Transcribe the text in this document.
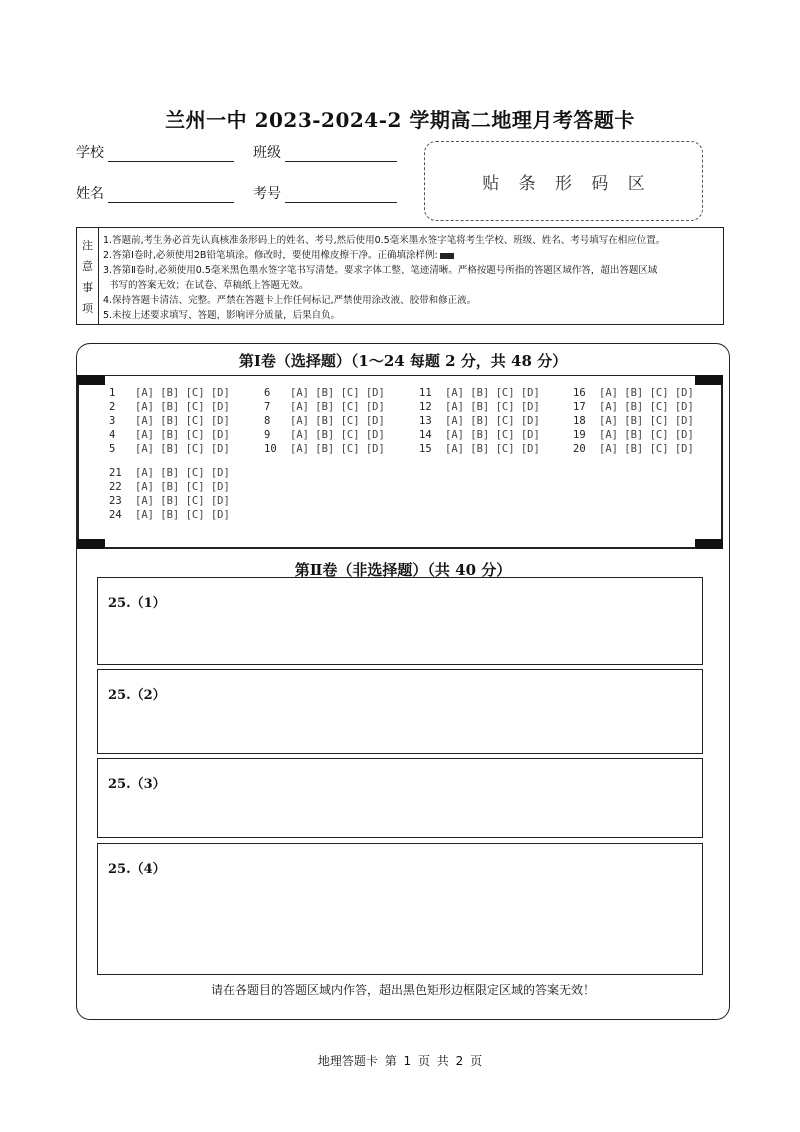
兰州一中 2023-2024-2 学期高二地理月考答题卡
学校	班级
姓名	考号
贴 条 形 码 区
注
意
事
项
1.答题前,考生务必首先认真核准条形码上的姓名、考号,然后使用0.5毫米墨水签字笔将考生学校、班级、姓名、考号填写在相应位置。
2.答第Ⅰ卷时,必须使用2B铅笔填涂。修改时，要使用橡皮擦干净。正确填涂样例:
3.答第Ⅱ卷时,必须使用0.5毫米黑色墨水签字笔书写清楚。要求字体工整、笔迹清晰。严格按题号所指的答题区域作答，超出答题区域
书写的答案无效；在试卷、草稿纸上答题无效。
4.保持答题卡清洁、完整。严禁在答题卡上作任何标记,严禁使用涂改液、胶带和修正液。
5.未按上述要求填写、答题，影响评分质量，后果自负。
第Ⅰ卷（选择题）（1～24 每题 2 分，共 48 分）
1 [A] [B] [C] [D]
2 [A] [B] [C] [D]
3 [A] [B] [C] [D]
4 [A] [B] [C] [D]
5 [A] [B] [C] [D]
6 [A] [B] [C] [D]
7 [A] [B] [C] [D]
8 [A] [B] [C] [D]
9 [A] [B] [C] [D]
10 [A] [B] [C] [D]
11 [A] [B] [C] [D]
12 [A] [B] [C] [D]
13 [A] [B] [C] [D]
14 [A] [B] [C] [D]
15 [A] [B] [C] [D]
16 [A] [B] [C] [D]
17 [A] [B] [C] [D]
18 [A] [B] [C] [D]
19 [A] [B] [C] [D]
20 [A] [B] [C] [D]
21 [A] [B] [C] [D]
22 [A] [B] [C] [D]
23 [A] [B] [C] [D]
24 [A] [B] [C] [D]
第Ⅱ卷（非选择题）（共 40 分）
25.（1）
25.（2）
25.（3）
25.（4）
请在各题目的答题区域内作答，超出黑色矩形边框限定区域的答案无效！
地理答题卡 第 1 页 共 2 页
